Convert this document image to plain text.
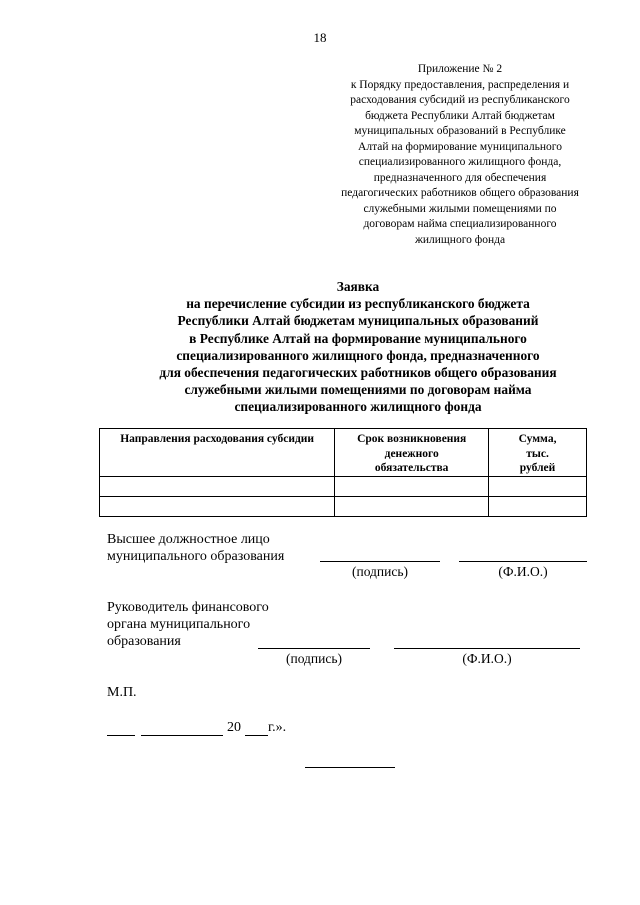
18
Приложение № 2
к Порядку предоставления, распределения и
расходования субсидий из республиканского
бюджета Республики Алтай бюджетам
муниципальных образований в Республике
Алтай на формирование муниципального
специализированного жилищного фонда,
предназначенного для обеспечения
педагогических работников общего образования
служебными жилыми помещениями по
договорам найма специализированного
жилищного фонда
Заявка
на перечисление субсидии из республиканского бюджета
Республики Алтай бюджетам муниципальных образований
в Республике Алтай на формирование муниципального
специализированного жилищного фонда, предназначенного
для обеспечения педагогических работников общего образования
служебными жилыми помещениями по договорам найма
специализированного жилищного фонда
Направления расходования субсидии	Срок возникновения денежного обязательства	Сумма, тыс. рублей

Высшее должностное лицо
муниципального образования
(подпись)	(Ф.И.О.)
Руководитель финансового
органа муниципального
образования
(подпись)	(Ф.И.О.)
М.П.
20 г.».
